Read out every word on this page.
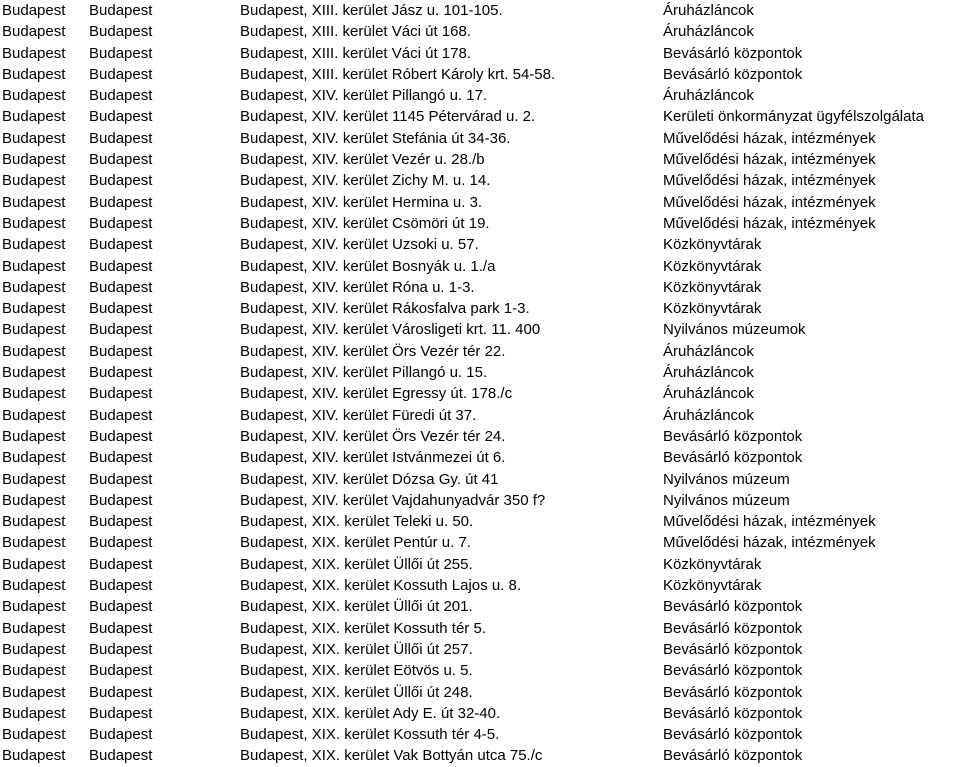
Budapest Budapest	Budapest, XIII. kerület Jász u. 101-105.	Áruházláncok
Budapest Budapest	Budapest, XIII. kerület Váci út 168.	Áruházláncok
Budapest Budapest	Budapest, XIII. kerület Váci út 178.	Bevásárló központok
Budapest Budapest	Budapest, XIII. kerület Róbert Károly krt. 54-58.	Bevásárló központok
Budapest Budapest	Budapest, XIV. kerület Pillangó u. 17.	Áruházláncok
Budapest Budapest	Budapest, XIV. kerület 1145 Pétervárad u. 2.	Kerületi önkormányzat ügyfélszolgálata
Budapest Budapest	Budapest, XIV. kerület Stefánia út 34-36.	Művelődési házak, intézmények
Budapest Budapest	Budapest, XIV. kerület Vezér u. 28./b	Művelődési házak, intézmények
Budapest Budapest	Budapest, XIV. kerület Zichy M. u. 14.	Művelődési házak, intézmények
Budapest Budapest	Budapest, XIV. kerület Hermina u. 3.	Művelődési házak, intézmények
Budapest Budapest	Budapest, XIV. kerület Csömöri út 19.	Művelődési házak, intézmények
Budapest Budapest	Budapest, XIV. kerület Uzsoki u. 57.	Közkönyvtárak
Budapest Budapest	Budapest, XIV. kerület Bosnyák u. 1./a	Közkönyvtárak
Budapest Budapest	Budapest, XIV. kerület Róna u. 1-3.	Közkönyvtárak
Budapest Budapest	Budapest, XIV. kerület Rákosfalva park 1-3.	Közkönyvtárak
Budapest Budapest	Budapest, XIV. kerület Városligeti krt. 11. 400	Nyilvános múzeumok
Budapest Budapest	Budapest, XIV. kerület Örs Vezér tér 22.	Áruházláncok
Budapest Budapest	Budapest, XIV. kerület Pillangó u. 15.	Áruházláncok
Budapest Budapest	Budapest, XIV. kerület Egressy út. 178./c	Áruházláncok
Budapest Budapest	Budapest, XIV. kerület Füredi út 37.	Áruházláncok
Budapest Budapest	Budapest, XIV. kerület Örs Vezér tér 24.	Bevásárló központok
Budapest Budapest	Budapest, XIV. kerület Istvánmezei út 6.	Bevásárló központok
Budapest Budapest	Budapest, XIV. kerület Dózsa Gy. út 41	Nyilvános múzeum
Budapest Budapest	Budapest, XIV. kerület Vajdahunyadvár 350 f?	Nyilvános múzeum
Budapest Budapest	Budapest, XIX. kerület Teleki u. 50.	Művelődési házak, intézmények
Budapest Budapest	Budapest, XIX. kerület Pentúr u. 7.	Művelődési házak, intézmények
Budapest Budapest	Budapest, XIX. kerület Üllői út 255.	Közkönyvtárak
Budapest Budapest	Budapest, XIX. kerület Kossuth Lajos u. 8.	Közkönyvtárak
Budapest Budapest	Budapest, XIX. kerület Üllői út 201.	Bevásárló központok
Budapest Budapest	Budapest, XIX. kerület Kossuth tér 5.	Bevásárló központok
Budapest Budapest	Budapest, XIX. kerület Üllői út 257.	Bevásárló központok
Budapest Budapest	Budapest, XIX. kerület Eötvös u. 5.	Bevásárló központok
Budapest Budapest	Budapest, XIX. kerület Üllői út 248.	Bevásárló központok
Budapest Budapest	Budapest, XIX. kerület Ady E. út 32-40.	Bevásárló központok
Budapest Budapest	Budapest, XIX. kerület Kossuth tér 4-5.	Bevásárló központok
Budapest Budapest	Budapest, XIX. kerület Vak Bottyán utca 75./c	Bevásárló központok
